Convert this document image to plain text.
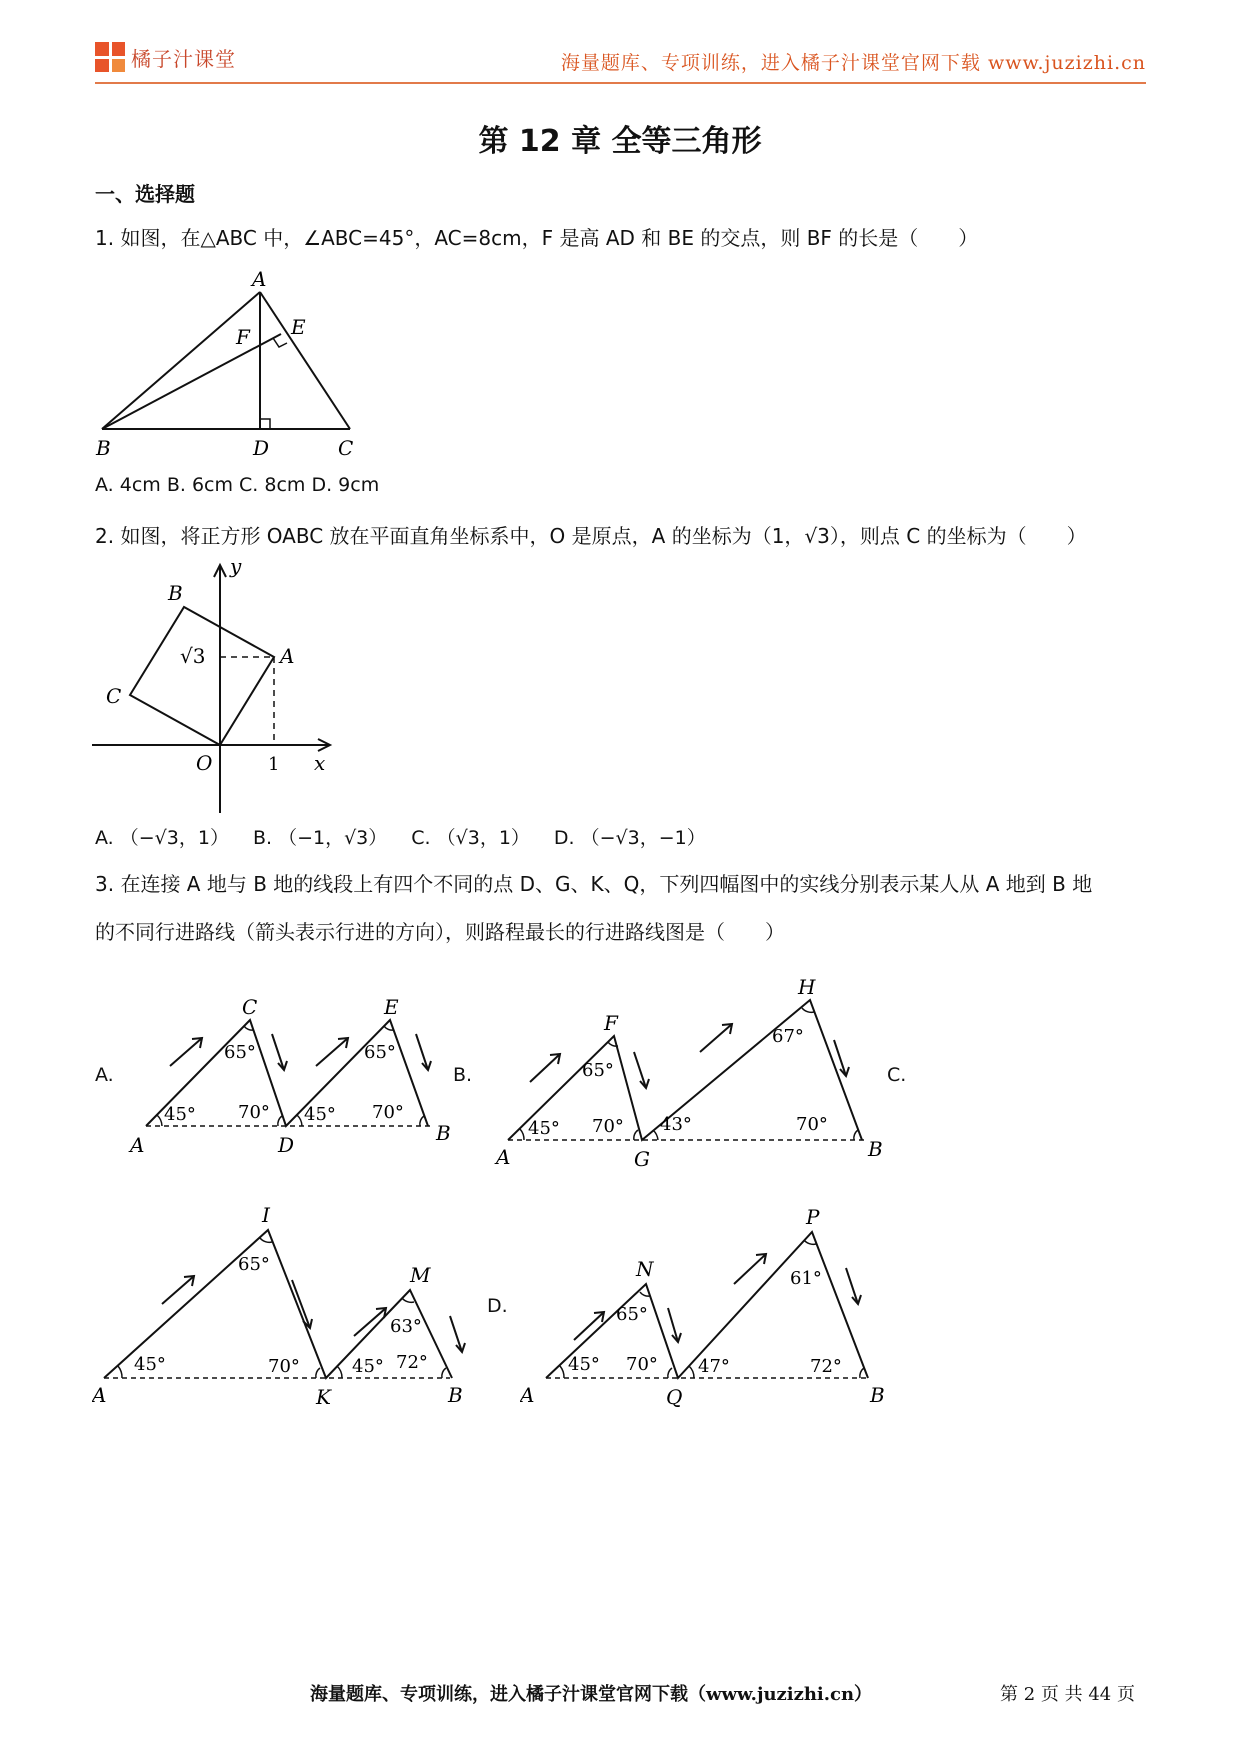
橘子汁课堂	海量题库、专项训练，进入橘子汁课堂官网下载 www.juzizhi.cn
第 12 章 全等三角形
一、选择题
1. 如图，在△ABC 中，∠ABC=45°，AC=8cm，F 是高 AD 和 BE 的交点，则 BF 的长是（　　）
A
F E
B	D	C
A. 4cm B. 6cm C. 8cm D. 9cm
2. 如图，将正方形 OABC 放在平面直角坐标系中，O 是原点，A 的坐标为（1，√3），则点 C 的坐标为（　　）
y
x
O
A
B
C
1
√3
A. （−√3，1） B. （−1，√3） C. （√3，1） D. （−√3，−1）
3. 在连接 A 地与 B 地的线段上有四个不同的点 D、G、K、Q，下列四幅图中的实线分别表示某人从 A 地到 B 地
的不同行进路线（箭头表示行进的方向），则路程最长的行进路线图是（　　）
A.	B.	C.
D.
A
C
D
E
B
45°
65°
70° 45°
65°
70°
A
F
G
H
B
45°
65°
70° 43°
67°
70°
A
I
K
M
B
45°
65°
70°	45°
63°
72°
A
N
Q
P
B
45°
65°
70° 47°
61°
72°
海量题库、专项训练，进入橘子汁课堂官网下载（www.juzizhi.cn）	第 2 页 共 44 页
